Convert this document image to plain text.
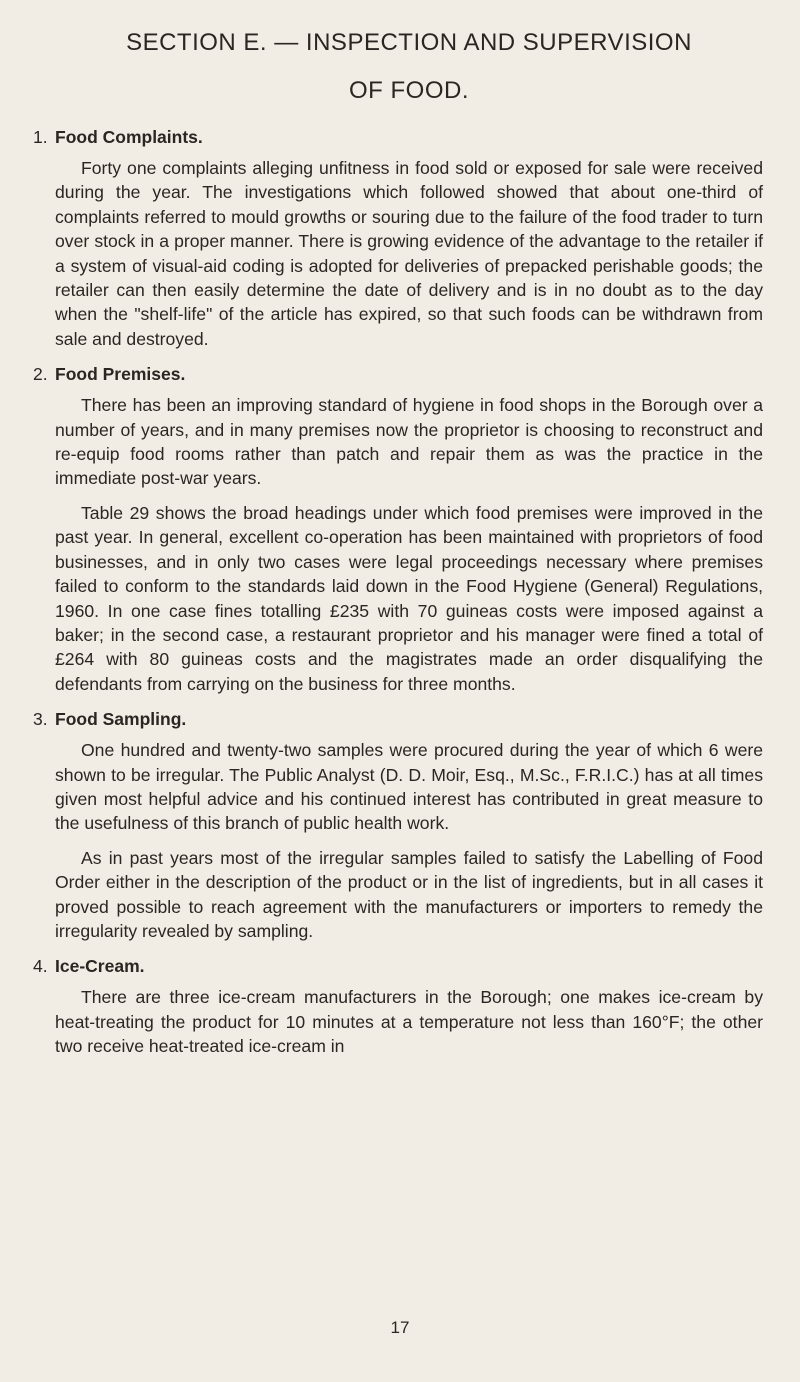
SECTION E. — INSPECTION AND SUPERVISION
OF FOOD.
1. Food Complaints.

Forty one complaints alleging unfitness in food sold or exposed for sale were received during the year. The investigations which followed showed that about one-third of complaints referred to mould growths or souring due to the failure of the food trader to turn over stock in a proper manner. There is growing evidence of the advantage to the retailer if a system of visual-aid coding is adopted for deliveries of prepacked perishable goods; the retailer can then easily determine the date of delivery and is in no doubt as to the day when the "shelf-life" of the article has expired, so that such foods can be withdrawn from sale and destroyed.

2. Food Premises.

There has been an improving standard of hygiene in food shops in the Borough over a number of years, and in many premises now the proprietor is choosing to reconstruct and re-equip food rooms rather than patch and repair them as was the practice in the immediate post-war years.

Table 29 shows the broad headings under which food premises were improved in the past year. In general, excellent co-operation has been maintained with proprietors of food businesses, and in only two cases were legal proceedings necessary where premises failed to conform to the standards laid down in the Food Hygiene (General) Regulations, 1960. In one case fines totalling £235 with 70 guineas costs were imposed against a baker; in the second case, a restaurant proprietor and his manager were fined a total of £264 with 80 guineas costs and the magistrates made an order disqualifying the defendants from carrying on the business for three months.

3. Food Sampling.

One hundred and twenty-two samples were procured during the year of which 6 were shown to be irregular. The Public Analyst (D. D. Moir, Esq., M.Sc., F.R.I.C.) has at all times given most helpful advice and his continued interest has contributed in great measure to the usefulness of this branch of public health work.

As in past years most of the irregular samples failed to satisfy the Labelling of Food Order either in the description of the product or in the list of ingredients, but in all cases it proved possible to reach agreement with the manufacturers or importers to remedy the irregularity revealed by sampling.

4. Ice-Cream.

There are three ice-cream manufacturers in the Borough; one makes ice-cream by heat-treating the product for 10 minutes at a temperature not less than 160°F; the other two receive heat-treated ice-cream in

17
